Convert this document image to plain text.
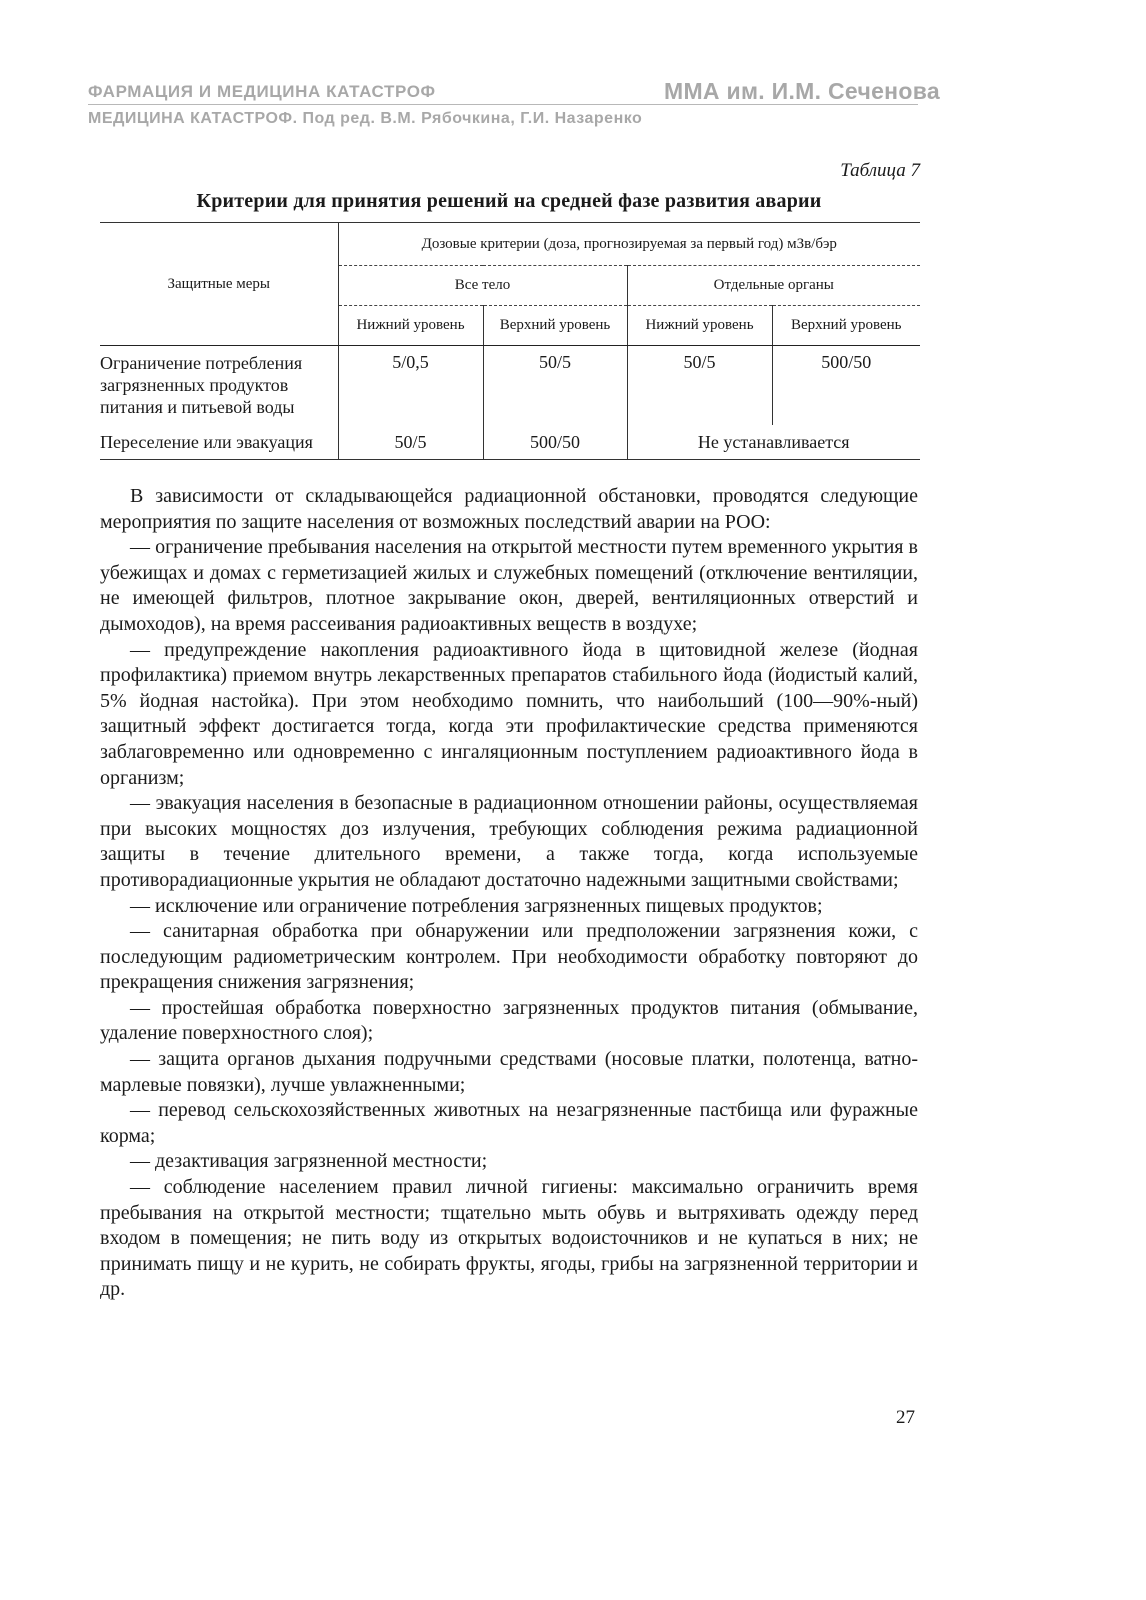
ФАРМАЦИЯ И МЕДИЦИНА КАТАСТРОФ	ММА им. И.М. Сеченова
МЕДИЦИНА КАТАСТРОФ. Под ред. В.М. Рябочкина, Г.И. Назаренко
Таблица 7
Критерии для принятия решений на средней фазе развития аварии
Защитные меры	Дозовые критерии (доза, прогнозируемая за первый год) мЗв/бэр			
	Все тело		Отдельные органы	
	Нижний уровень	Верхний уровень	Нижний уровень	Верхний уровень
Ограничение потребления загрязненных продуктов питания и питьевой воды	5/0,5	50/5	50/5	500/50
Переселение или эвакуация	50/5	500/50	Не устанавливается	

В зависимости от складывающейся радиационной обстановки, проводятся следующие мероприятия по защите населения от возможных последствий аварии на РОО:

— ограничение пребывания населения на открытой местности путем временного укрытия в убежищах и домах с герметизацией жилых и служебных помещений (отключение вентиляции, не имеющей фильтров, плотное закрывание окон, дверей, вентиляционных отверстий и дымоходов), на время рассеивания радиоактивных веществ в воздухе;

— предупреждение накопления радиоактивного йода в щитовидной железе (йодная профилактика) приемом внутрь лекарственных препаратов стабильного йода (йодистый калий, 5% йодная настойка). При этом необходимо помнить, что наибольший (100—90%-ный) защитный эффект достигается тогда, когда эти профилактические средства применяются заблаговременно или одновременно с ингаляционным поступлением радиоактивного йода в организм;

— эвакуация населения в безопасные в радиационном отношении районы, осуществляемая при высоких мощностях доз излучения, требующих соблюдения режима радиационной защиты в течение длительного времени, а также тогда, когда используемые противорадиационные укрытия не обладают достаточно надежными защитными свойствами;

— исключение или ограничение потребления загрязненных пищевых продуктов;

— санитарная обработка при обнаружении или предположении загрязнения кожи, с последующим радиометрическим контролем. При необходимости обработку повторяют до прекращения снижения загрязнения;

— простейшая обработка поверхностно загрязненных продуктов питания (обмывание, удаление поверхностного слоя);

— защита органов дыхания подручными средствами (носовые платки, полотенца, ватно-марлевые повязки), лучше увлажненными;

— перевод сельскохозяйственных животных на незагрязненные пастбища или фуражные корма;

— дезактивация загрязненной местности;

— соблюдение населением правил личной гигиены: максимально ограничить время пребывания на открытой местности; тщательно мыть обувь и вытряхивать одежду перед входом в помещения; не пить воду из открытых водоисточников и не купаться в них; не принимать пищу и не курить, не собирать фрукты, ягоды, грибы на загрязненной территории и др.

27
